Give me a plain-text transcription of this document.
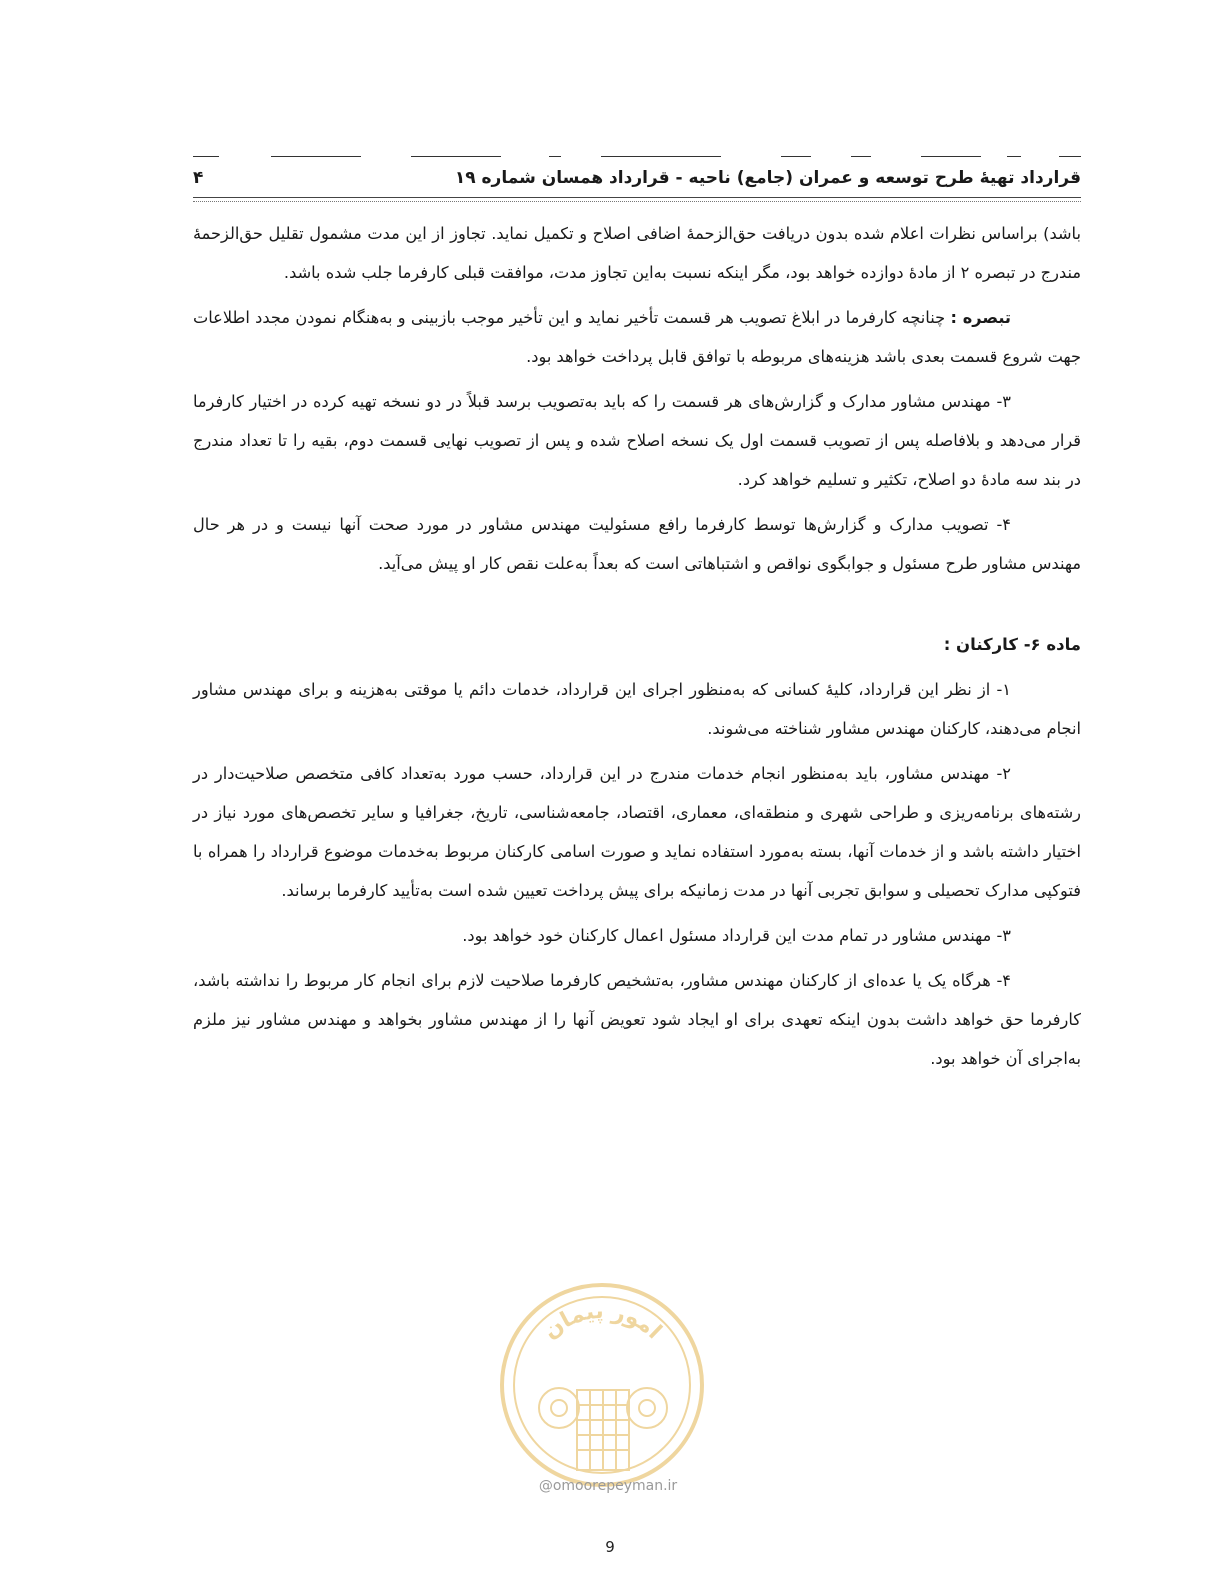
قرارداد تهیهٔ طرح توسعه و عمران (جامع) ناحیه - قرارداد همسان شماره ۱۹
۴

باشد) براساس نظرات اعلام شده بدون دریافت حق‌الزحمهٔ اضافی اصلاح و تکمیل نماید. تجاوز از این مدت مشمول تقلیل حق‌الزحمهٔ مندرج در تبصره ۲ از مادهٔ دوازده خواهد بود، مگر اینکه نسبت به‌این تجاوز مدت، موافقت قبلی کارفرما جلب شده باشد.

تبصره : چنانچه کارفرما در ابلاغ تصویب هر قسمت تأخیر نماید و این تأخیر موجب بازبینی و به‌هنگام نمودن مجدد اطلاعات جهت شروع قسمت بعدی باشد هزینه‌های مربوطه با توافق قابل پرداخت خواهد بود.

۳- مهندس مشاور مدارک و گزارش‌های هر قسمت را که باید به‌تصویب برسد قبلاً در دو نسخه تهیه کرده در اختیار کارفرما قرار می‌دهد و بلافاصله پس از تصویب قسمت اول یک نسخه اصلاح شده و پس از تصویب نهایی قسمت دوم، بقیه را تا تعداد مندرج در بند سه مادهٔ دو اصلاح، تکثیر و تسلیم خواهد کرد.

۴- تصویب مدارک و گزارش‌ها توسط کارفرما رافع مسئولیت مهندس مشاور در مورد صحت آنها نیست و در هر حال مهندس مشاور طرح مسئول و جوابگوی نواقص و اشتباهاتی است که بعداً به‌علت نقص کار او پیش می‌آید.

ماده ۶- کارکنان :

۱- از نظر این قرارداد، کلیهٔ کسانی که به‌منظور اجرای این قرارداد، خدمات دائم یا موقتی به‌هزینه و برای مهندس مشاور انجام می‌دهند، کارکنان مهندس مشاور شناخته می‌شوند.

۲- مهندس مشاور، باید به‌منظور انجام خدمات مندرج در این قرارداد، حسب مورد به‌تعداد کافی متخصص صلاحیت‌دار در رشته‌های برنامه‌ریزی و طراحی شهری و منطقه‌ای، معماری، اقتصاد، جامعه‌شناسی، تاریخ، جغرافیا و سایر تخصص‌های مورد نیاز در اختیار داشته باشد و از خدمات آنها، بسته به‌مورد استفاده نماید و صورت اسامی کارکنان مربوط به‌خدمات موضوع قرارداد را همراه با فتوکپی مدارک تحصیلی و سوابق تجربی آنها در مدت زمانیکه برای پیش پرداخت تعیین شده است به‌تأیید کارفرما برساند.

۳- مهندس مشاور در تمام مدت این قرارداد مسئول اعمال کارکنان خود خواهد بود.

۴- هرگاه یک یا عده‌ای از کارکنان مهندس مشاور، به‌تشخیص کارفرما صلاحیت لازم برای انجام کار مربوط را نداشته باشد، کارفرما حق خواهد داشت بدون اینکه تعهدی برای او ایجاد شود تعویض آنها را از مهندس مشاور بخواهد و مهندس مشاور نیز ملزم به‌اجرای آن خواهد بود.

امور پیمان
@omoorepeyman.ir
9
